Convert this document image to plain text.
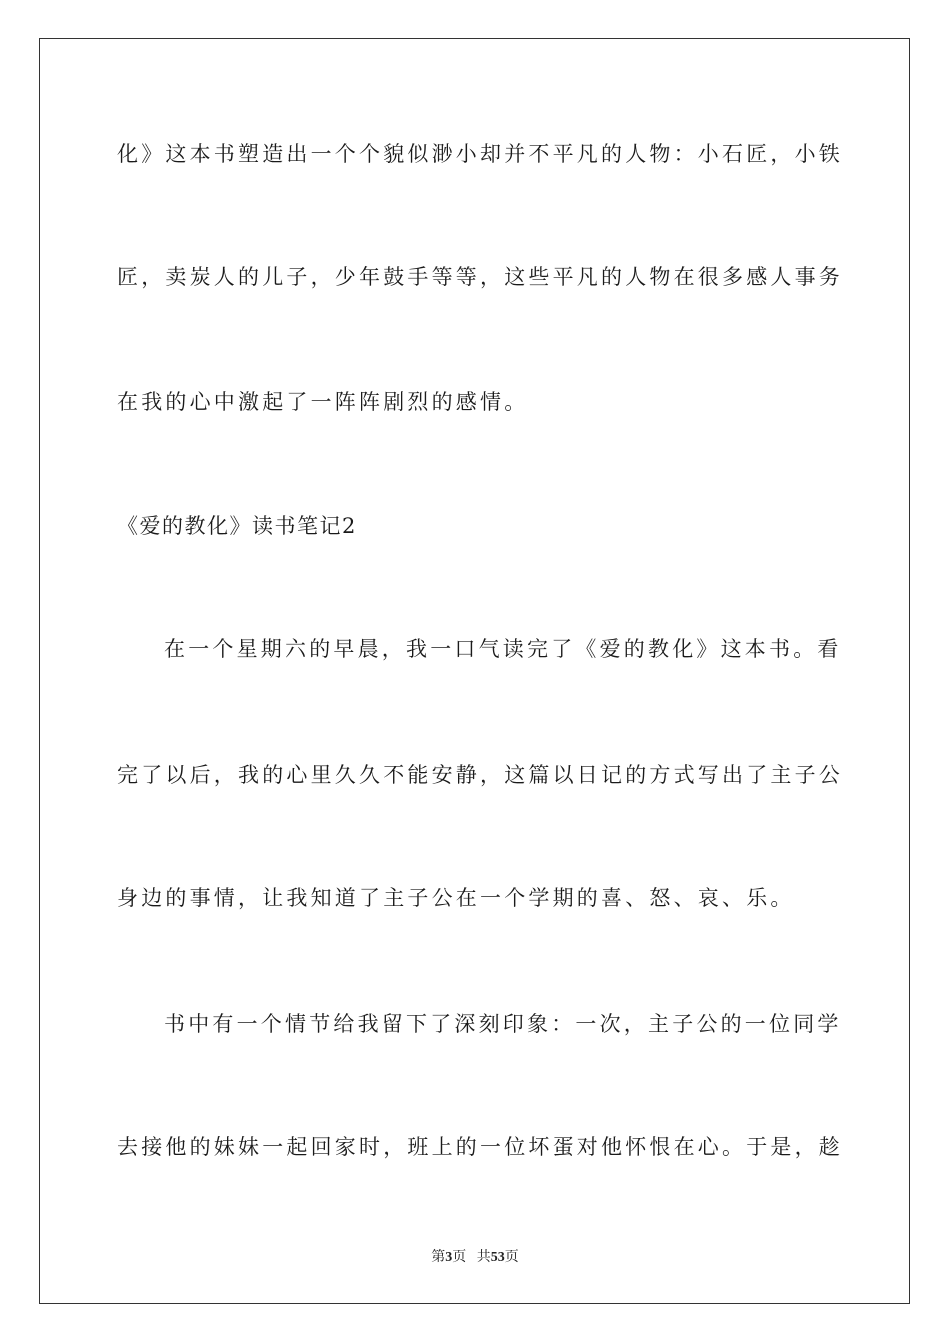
化》这本书塑造出一个个貌似渺小却并不平凡的人物：小石匠，小铁
匠，卖炭人的儿子，少年鼓手等等，这些平凡的人物在很多感人事务
在我的心中激起了一阵阵剧烈的感情。
《爱的教化》读书笔记2
在一个星期六的早晨，我一口气读完了《爱的教化》这本书。看
完了以后，我的心里久久不能安静，这篇以日记的方式写出了主子公
身边的事情，让我知道了主子公在一个学期的喜、怒、哀、乐。
书中有一个情节给我留下了深刻印象：一次，主子公的一位同学
去接他的妹妹一起回家时，班上的一位坏蛋对他怀恨在心。于是，趁
第3页 共53页
